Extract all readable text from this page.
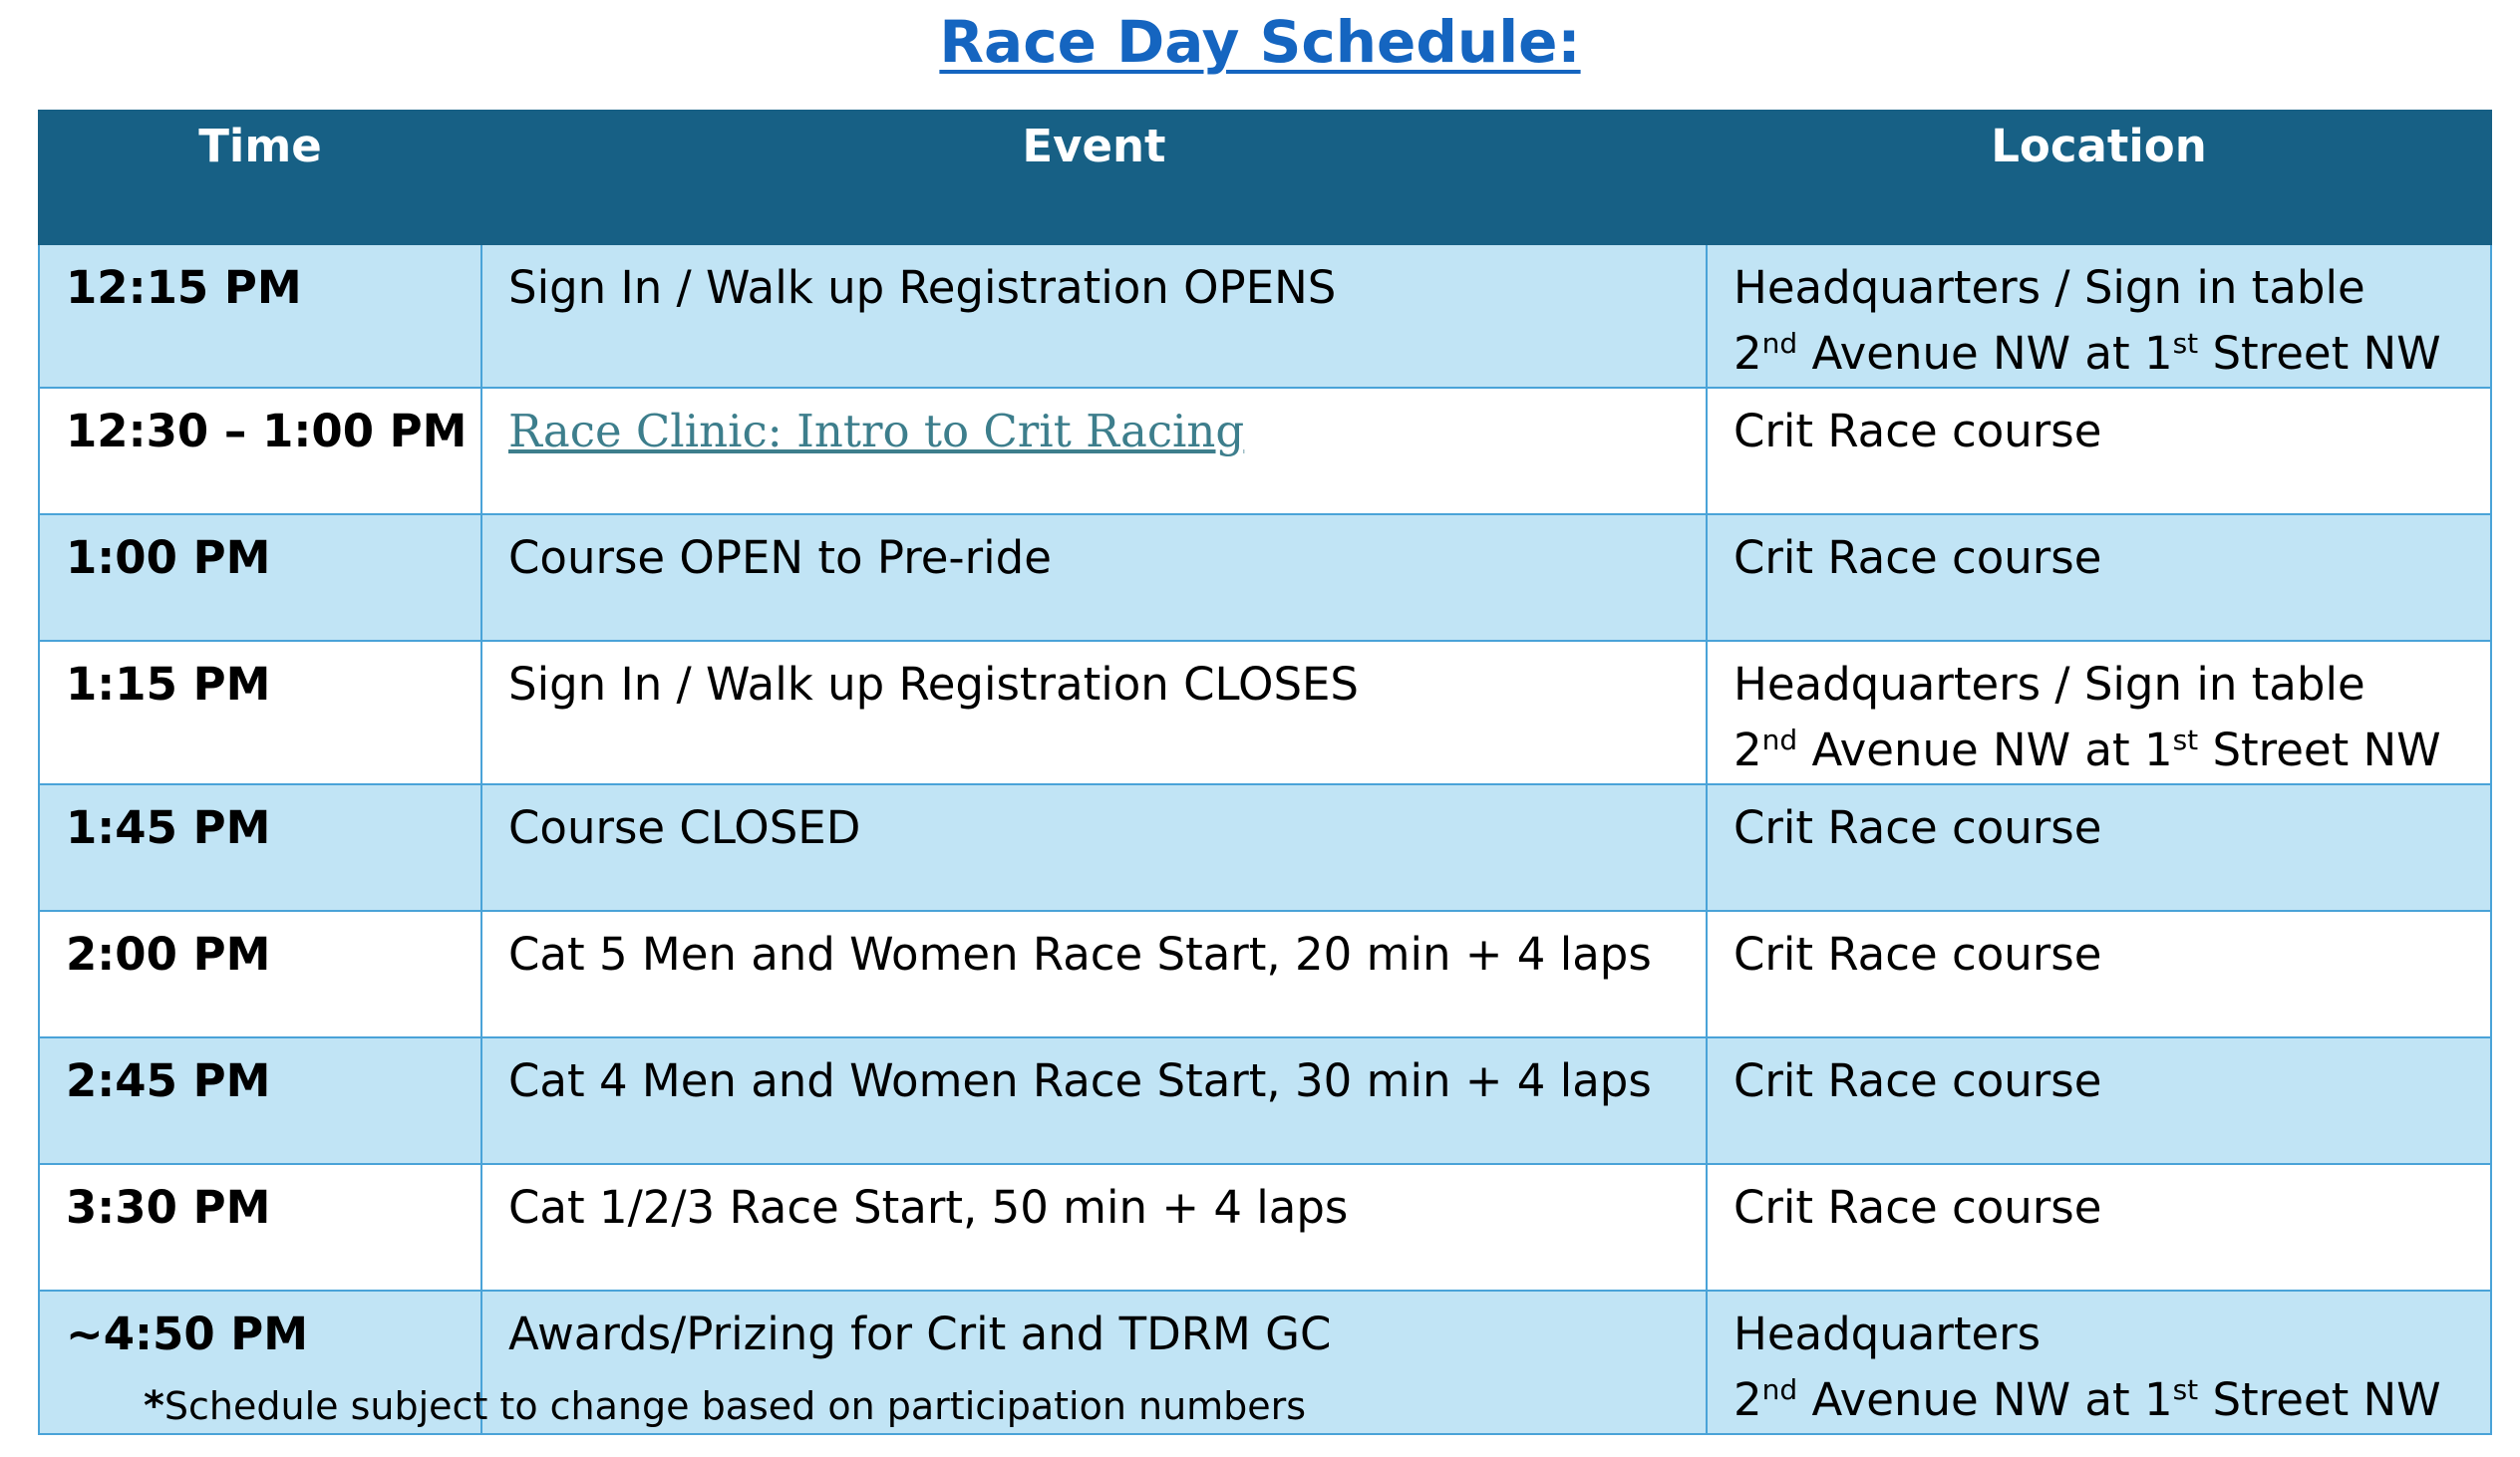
Race Day Schedule:
Time	Event	Location
12:15 PM	Sign In / Walk up Registration OPENS	Headquarters / Sign in table
2nd Avenue NW at 1st Street NW

12:30 – 1:00 PM	Race Clinic: Intro to Crit Racing	Crit Race course
1:00 PM	Course OPEN to Pre-ride	Crit Race course
1:15 PM	Sign In / Walk up Registration CLOSES	Headquarters / Sign in table
2nd Avenue NW at 1st Street NW

1:45 PM	Course CLOSED	Crit Race course
2:00 PM	Cat 5 Men and Women Race Start, 20 min + 4 laps	Crit Race course
2:45 PM	Cat 4 Men and Women Race Start, 30 min + 4 laps	Crit Race course
3:30 PM	Cat 1/2/3 Race Start, 50 min + 4 laps	Crit Race course
~4:50 PM	Awards/Prizing for Crit and TDRM GC	Headquarters
2nd Avenue NW at 1st Street NW
*Schedule subject to change based on participation numbers
